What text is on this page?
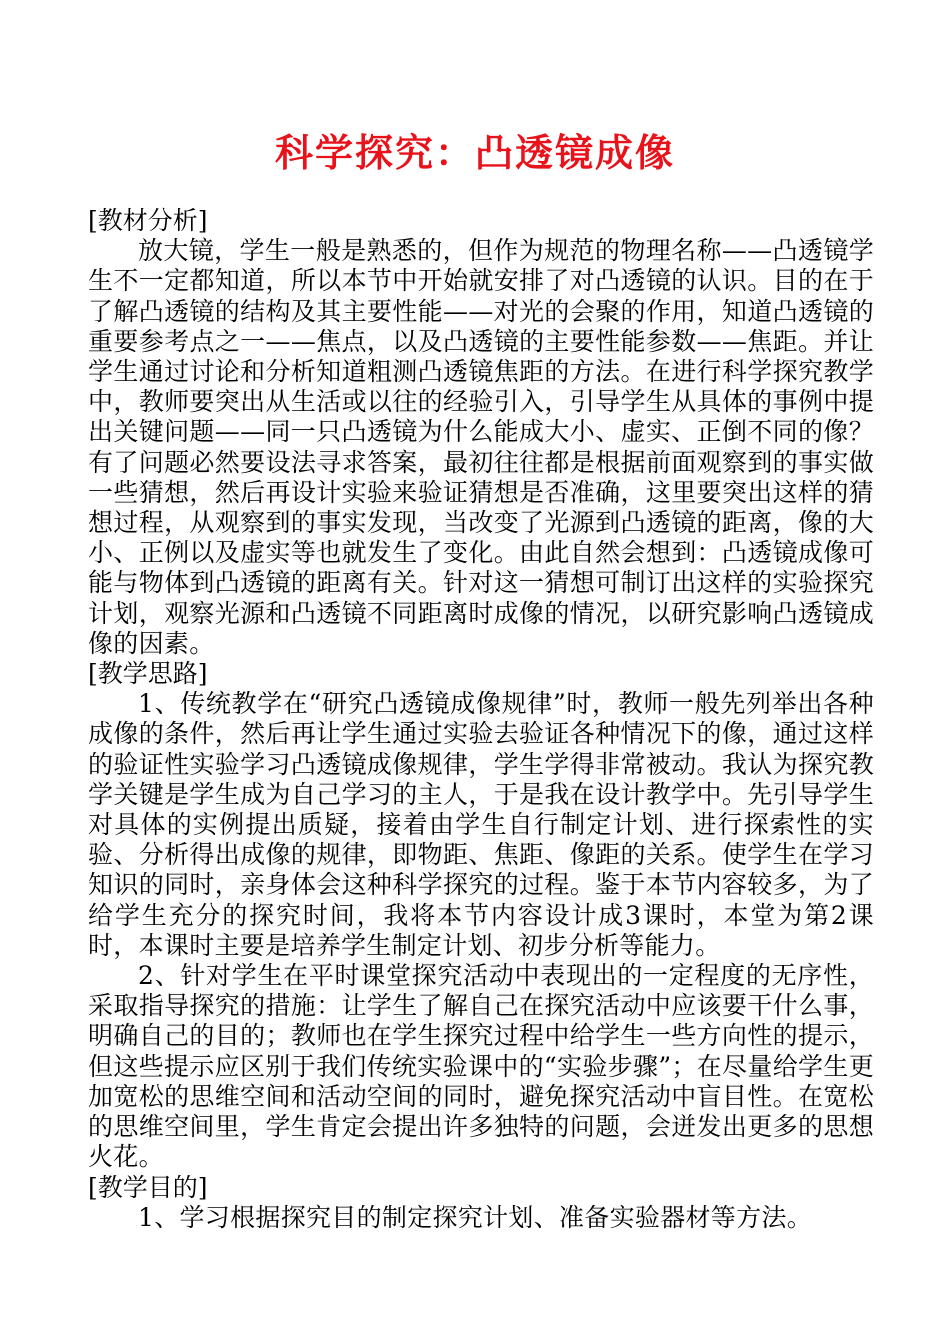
科学探究：凸透镜成像

[教材分析]

放大镜，学生一般是熟悉的，但作为规范的物理名称——凸透镜学生不一定都知道，所以本节中开始就安排了对凸透镜的认识。目的在于了解凸透镜的结构及其主要性能——对光的会聚的作用，知道凸透镜的重要参考点之一——焦点，以及凸透镜的主要性能参数——焦距。并让学生通过讨论和分析知道粗测凸透镜焦距的方法。在进行科学探究教学中，教师要突出从生活或以往的经验引入，引导学生从具体的事例中提出关键问题——同一只凸透镜为什么能成大小、虚实、正倒不同的像？有了问题必然要设法寻求答案，最初往往都是根据前面观察到的事实做一些猜想，然后再设计实验来验证猜想是否准确，这里要突出这样的猜想过程，从观察到的事实发现，当改变了光源到凸透镜的距离，像的大小、正例以及虚实等也就发生了变化。由此自然会想到：凸透镜成像可能与物体到凸透镜的距离有关。针对这一猜想可制订出这样的实验探究计划，观察光源和凸透镜不同距离时成像的情况，以研究影响凸透镜成像的因素。

[教学思路]

1、传统教学在“研究凸透镜成像规律”时，教师一般先列举出各种成像的条件，然后再让学生通过实验去验证各种情况下的像，通过这样的验证性实验学习凸透镜成像规律，学生学得非常被动。我认为探究教学关键是学生成为自己学习的主人，于是我在设计教学中。先引导学生对具体的实例提出质疑，接着由学生自行制定计划、进行探索性的实验、分析得出成像的规律，即物距、焦距、像距的关系。使学生在学习知识的同时，亲身体会这种科学探究的过程。鉴于本节内容较多，为了给学生充分的探究时间，我将本节内容设计成3课时，本堂为第2课时，本课时主要是培养学生制定计划、初步分析等能力。

2、针对学生在平时课堂探究活动中表现出的一定程度的无序性，采取指导探究的措施：让学生了解自己在探究活动中应该要干什么事，明确自己的目的；教师也在学生探究过程中给学生一些方向性的提示，但这些提示应区别于我们传统实验课中的“实验步骤”；在尽量给学生更加宽松的思维空间和活动空间的同时，避免探究活动中盲目性。在宽松的思维空间里，学生肯定会提出许多独特的问题，会迸发出更多的思想火花。

[教学目的]

1、学习根据探究目的制定探究计划、准备实验器材等方法。
